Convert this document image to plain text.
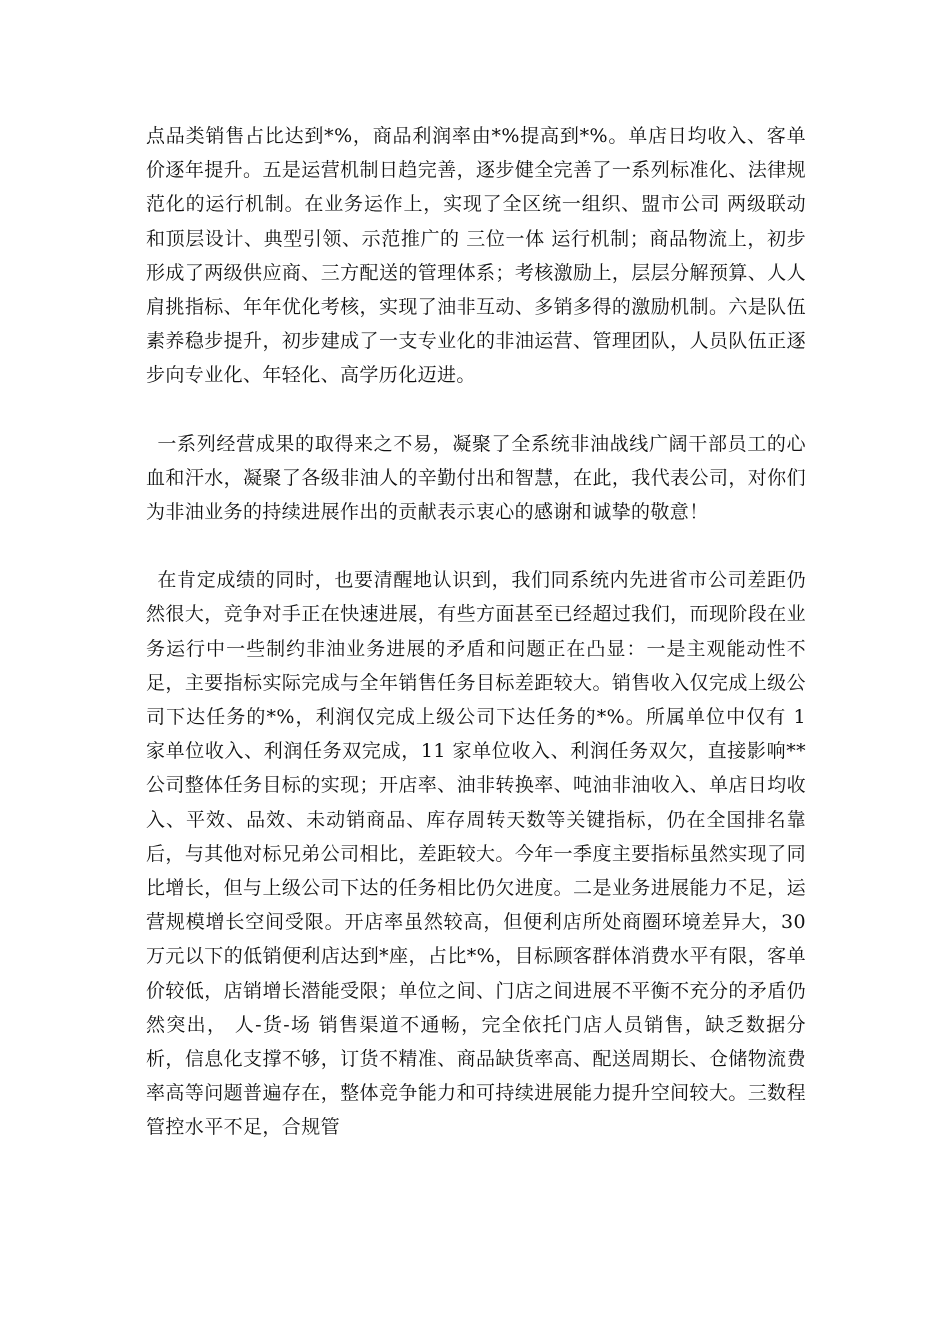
点品类销售占比达到*%，商品利润率由*%提高到*%。单店日均收入、客单价逐年提升。五是运营机制日趋完善，逐步健全完善了一系列标准化、法律规范化的运行机制。在业务运作上，实现了全区统一组织、盟市公司 两级联动 和顶层设计、典型引领、示范推广的 三位一体 运行机制；商品物流上，初步形成了两级供应商、三方配送的管理体系；考核激励上，层层分解预算、人人肩挑指标、年年优化考核，实现了油非互动、多销多得的激励机制。六是队伍素养稳步提升，初步建成了一支专业化的非油运营、管理团队，人员队伍正逐步向专业化、年轻化、高学历化迈进。

一系列经营成果的取得来之不易，凝聚了全系统非油战线广阔干部员工的心血和汗水，凝聚了各级非油人的辛勤付出和智慧，在此，我代表公司，对你们为非油业务的持续进展作出的贡献表示衷心的感谢和诚挚的敬意！

在肯定成绩的同时，也要清醒地认识到，我们同系统内先进省市公司差距仍然很大，竞争对手正在快速进展，有些方面甚至已经超过我们，而现阶段在业务运行中一些制约非油业务进展的矛盾和问题正在凸显：一是主观能动性不足，主要指标实际完成与全年销售任务目标差距较大。销售收入仅完成上级公司下达任务的*%，利润仅完成上级公司下达任务的*%。所属单位中仅有 1 家单位收入、利润任务双完成，11 家单位收入、利润任务双欠，直接影响**公司整体任务目标的实现；开店率、油非转换率、吨油非油收入、单店日均收入、平效、品效、未动销商品、库存周转天数等关键指标，仍在全国排名靠后，与其他对标兄弟公司相比，差距较大。今年一季度主要指标虽然实现了同比增长，但与上级公司下达的任务相比仍欠进度。二是业务进展能力不足，运营规模增长空间受限。开店率虽然较高，但便利店所处商圈环境差异大，30 万元以下的低销便利店达到*座，占比*%，目标顾客群体消费水平有限，客单价较低，店销增长潜能受限；单位之间、门店之间进展不平衡不充分的矛盾仍然突出， 人-货-场 销售渠道不通畅，完全依托门店人员销售，缺乏数据分析，信息化支撑不够，订货不精准、商品缺货率高、配送周期长、仓储物流费率高等问题普遍存在，整体竞争能力和可持续进展能力提升空间较大。三数程管控水平不足，合规管
